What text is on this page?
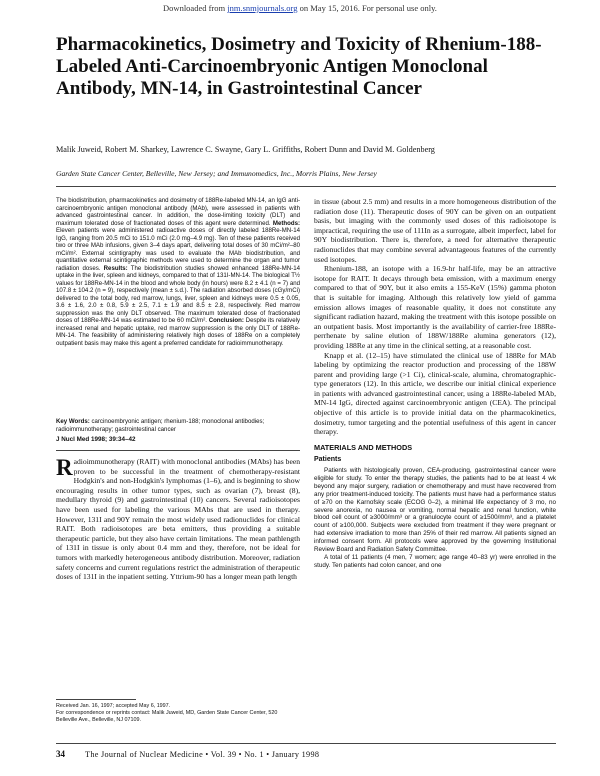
Downloaded from jnm.snmjournals.org on May 15, 2016. For personal use only.
Pharmacokinetics, Dosimetry and Toxicity of Rhenium-188-Labeled Anti-Carcinoembryonic Antigen Monoclonal Antibody, MN-14, in Gastrointestinal Cancer
Malik Juweid, Robert M. Sharkey, Lawrence C. Swayne, Gary L. Griffiths, Robert Dunn and David M. Goldenberg
Garden State Cancer Center, Belleville, New Jersey; and Immunomedics, Inc., Morris Plains, New Jersey
The biodistribution, pharmacokinetics and dosimetry of 188Re-labeled MN-14, an IgG anti-carcinoembryonic antigen monoclonal antibody (MAb), were assessed in patients with advanced gastrointestinal cancer. In addition, the dose-limiting toxicity (DLT) and maximum tolerated dose of fractionated doses of this agent were determined. Methods: Eleven patients were administered radioactive doses of directly labeled 188Re-MN-14 IgG, ranging from 20.5 mCi to 151.0 mCi (2.0 mg–4.9 mg). Ten of these patients received two or three MAb infusions, given 3–4 days apart, delivering total doses of 30 mCi/m²–80 mCi/m². External scintigraphy was used to evaluate the MAb biodistribution, and quantitative external scintigraphic methods were used to determine the organ and tumor radiation doses. Results: The biodistribution studies showed enhanced 188Re-MN-14 uptake in the liver, spleen and kidneys, compared to that of 131I-MN-14. The biological T½ values for 188Re-MN-14 in the blood and whole body (in hours) were 8.2 ± 4.1 (n = 7) and 107.8 ± 104.2 (n = 9), respectively (mean ± s.d.). The radiation absorbed doses (cGy/mCi) delivered to the total body, red marrow, lungs, liver, spleen and kidneys were 0.5 ± 0.05, 3.6 ± 1.6, 2.0 ± 0.8, 5.9 ± 2.5, 7.1 ± 1.9 and 8.5 ± 2.8, respectively. Red marrow suppression was the only DLT observed. The maximum tolerated dose of fractionated doses of 188Re-MN-14 was estimated to be 60 mCi/m². Conclusion: Despite its relatively increased renal and hepatic uptake, red marrow suppression is the only DLT of 188Re-MN-14. The feasibility of administering relatively high doses of 188Re on a completely outpatient basis may make this agent a preferred candidate for radioimmunotherapy.
Key Words: carcinoembryonic antigen; rhenium-188; monoclonal antibodies; radioimmunotherapy; gastrointestinal cancer
J Nucl Med 1998; 39:34–42
R adioimmunotherapy (RAIT) with monoclonal antibodies (MAbs) has been proven to be successful in the treatment of chemotherapy-resistant Hodgkin's and non-Hodgkin's lymphomas (1–6), and is beginning to show encouraging results in other tumor types, such as ovarian (7), breast (8), medullary thyroid (9) and gastrointestinal (10) cancers. Several radioisotopes have been used for labeling the various MAbs that are used in therapy. However, 131I and 90Y remain the most widely used radionuclides for clinical RAIT. Both radioisotopes are beta emitters, thus providing a suitable therapeutic particle, but they also have certain limitations. The mean pathlength of 131I in tissue is only about 0.4 mm and they, therefore, not be ideal for tumors with markedly heterogeneous antibody distribution. Moreover, radiation safety concerns and current regulations restrict the administration of therapeutic doses of 131I in the inpatient setting. Yttrium-90 has a longer mean path length
Received Jan. 16, 1997; accepted May 6, 1997.
For correspondence or reprints contact: Malik Juweid, MD, Garden State Cancer Center, 520 Belleville Ave., Belleville, NJ 07109.

in tissue (about 2.5 mm) and results in a more homogeneous distribution of the radiation dose (11). Therapeutic doses of 90Y can be given on an outpatient basis, but imaging with the commonly used doses of this radioisotope is impractical, requiring the use of 111In as a surrogate, albeit imperfect, label for 90Y biodistribution. There is, therefore, a need for alternative therapeutic radionuclides that may combine several advantageous features of the currently used isotopes.

Rhenium-188, an isotope with a 16.9-hr half-life, may be an attractive isotope for RAIT. It decays through beta emission, with a maximum energy compared to that of 90Y, but it also emits a 155-KeV (15%) gamma photon that is suitable for imaging. Although this relatively low yield of gamma emission allows images of reasonable quality, it does not constitute any significant radiation hazard, making the treatment with this isotope possible on an outpatient basis. Most importantly is the availability of carrier-free 188Re-perrhenate by saline elution of 188W/188Re alumina generators (12), providing 188Re at any time in the clinical setting, at a reasonable cost.

Knapp et al. (12–15) have stimulated the clinical use of 188Re for MAb labeling by optimizing the reactor production and processing of the 188W parent and providing large (>1 Ci), clinical-scale, alumina, chromatographic-type generators (12). In this article, we describe our initial clinical experience in patients with advanced gastrointestinal cancer, using a 188Re-labeled MAb, MN-14 IgG, directed against carcinoembryonic antigen (CEA). The principal objective of this article is to provide initial data on the pharmacokinetics, dosimetry, tumor targeting and the potential usefulness of this agent in cancer therapy.

MATERIALS AND METHODS

Patients

Patients with histologically proven, CEA-producing, gastrointestinal cancer were eligible for study. To enter the therapy studies, the patients had to be at least 4 wk beyond any major surgery, radiation or chemotherapy and must have recovered from any prior treatment-induced toxicity. The patients must have had a performance status of ≥70 on the Karnofsky scale (ECOG 0–2), a minimal life expectancy of 3 mo, no severe anorexia, no nausea or vomiting, normal hepatic and renal function, white blood cell count of ≥3000/mm³ or a granulocyte count of ≥1500/mm³, and a platelet count of ≥100,000. Subjects were excluded from treatment if they were pregnant or had extensive irradiation to more than 25% of their red marrow. All patients signed an informed consent form. All protocols were approved by the governing Institutional Review Board and Radiation Safety Committee.

A total of 11 patients (4 men, 7 women; age range 40–83 yr) were enrolled in the study. Ten patients had colon cancer, and one

34 The Journal of Nuclear Medicine • Vol. 39 • No. 1 • January 1998
